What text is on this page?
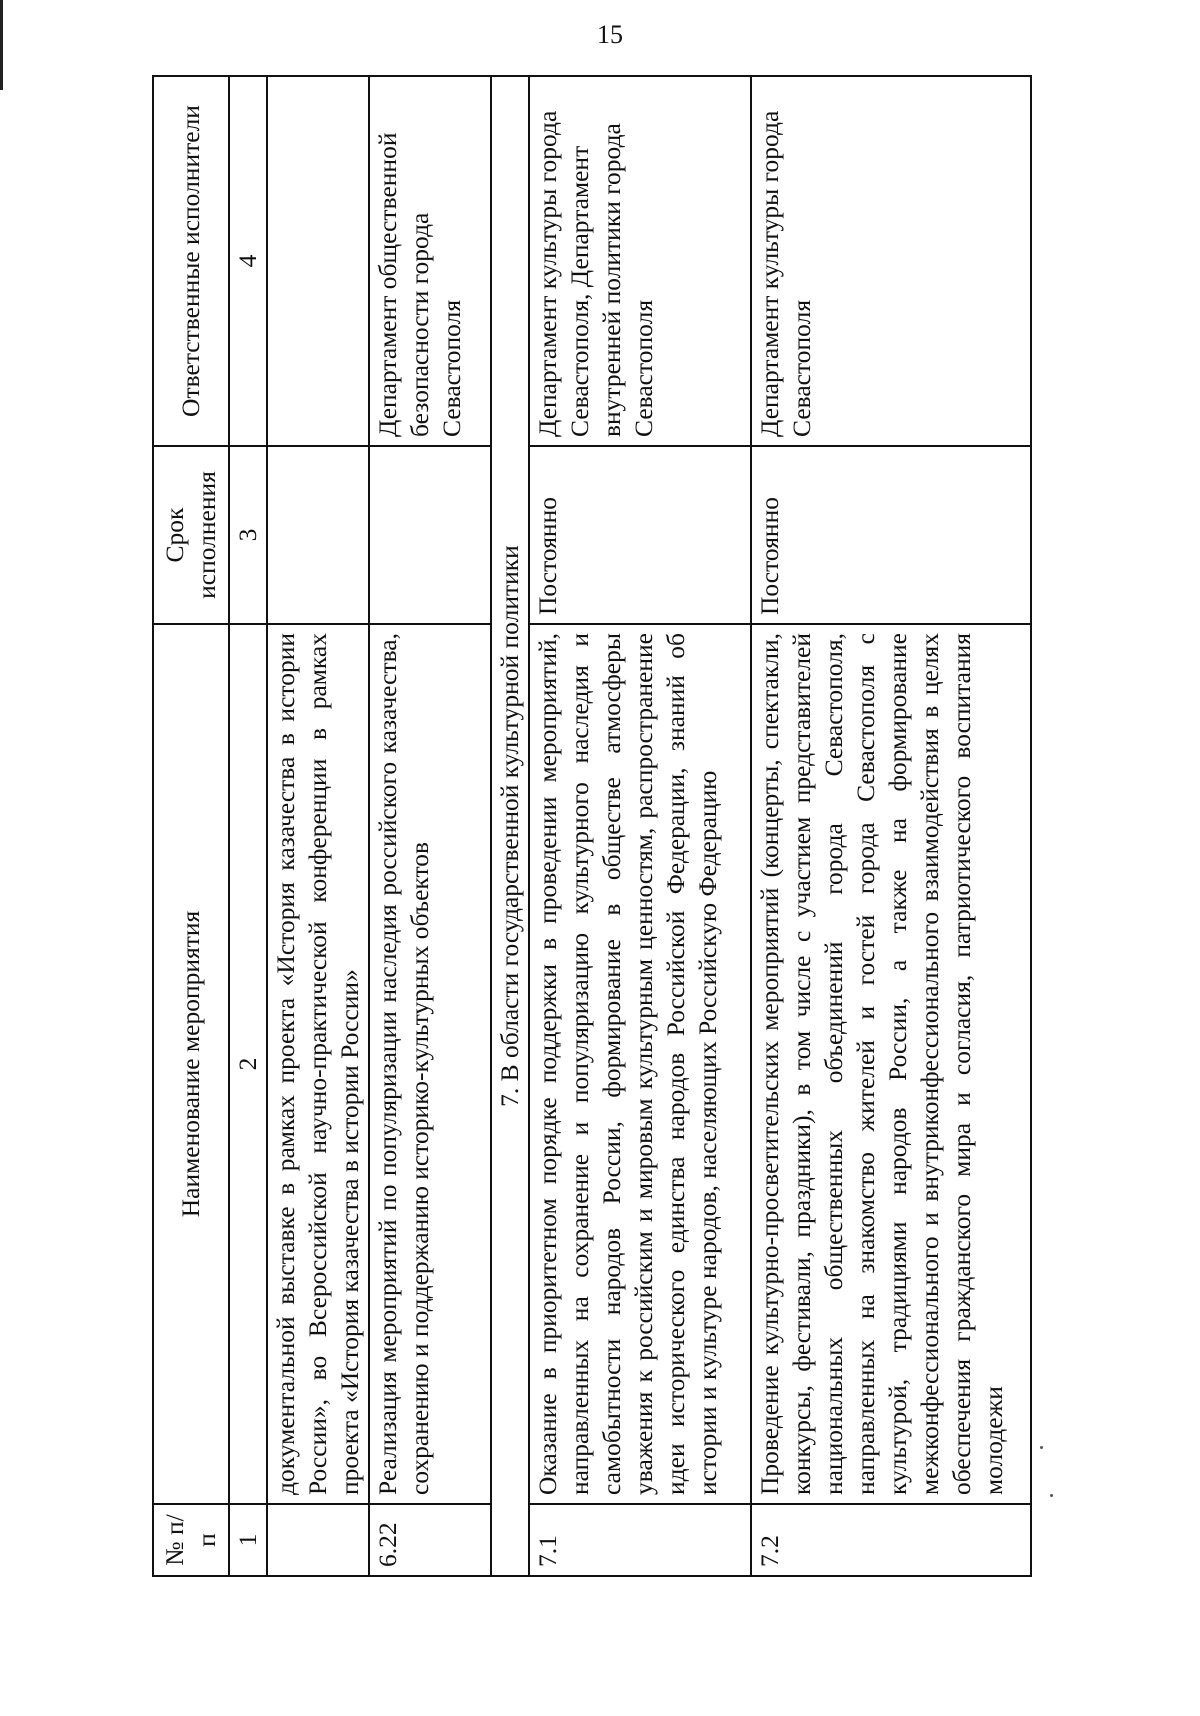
15
№ п/п	Наименование мероприятия	Срок исполнения	Ответственные исполнители
1	2	3	4
	документальной выставке в рамках проекта «История казачества в истории России», во Всероссийской научно-практической конференции в рамках проекта «История казачества в истории России»		
6.22	Реализация мероприятий по популяризации наследия российского казачества, сохранению и поддержанию историко-культурных объектов		Департамент общественной безопасности города Севастополя
7. В области государственной культурной политики			
7.1	Оказание в приоритетном порядке поддержки в проведении мероприятий, направленных на сохранение и популяризацию культурного наследия и самобытности народов России, формирование в обществе атмосферы уважения к российским и мировым культурным ценностям, распространение идеи исторического единства народов Российской Федерации, знаний об истории и культуре народов, населяющих Российскую Федерацию	Постоянно	Департамент культуры города Севастополя, Департамент внутренней политики города Севастополя
7.2	Проведение культурно-просветительских мероприятий (концерты, спектакли, конкурсы, фестивали, праздники), в том числе с участием представителей национальных общественных объединений города Севастополя, направленных на знакомство жителей и гостей города Севастополя с культурой, традициями народов России, а также на формирование межконфессионального и внутриконфессионального взаимодействия в целях обеспечения гражданского мира и согласия, патриотического воспитания молодежи	Постоянно	Департамент культуры города Севастополя
